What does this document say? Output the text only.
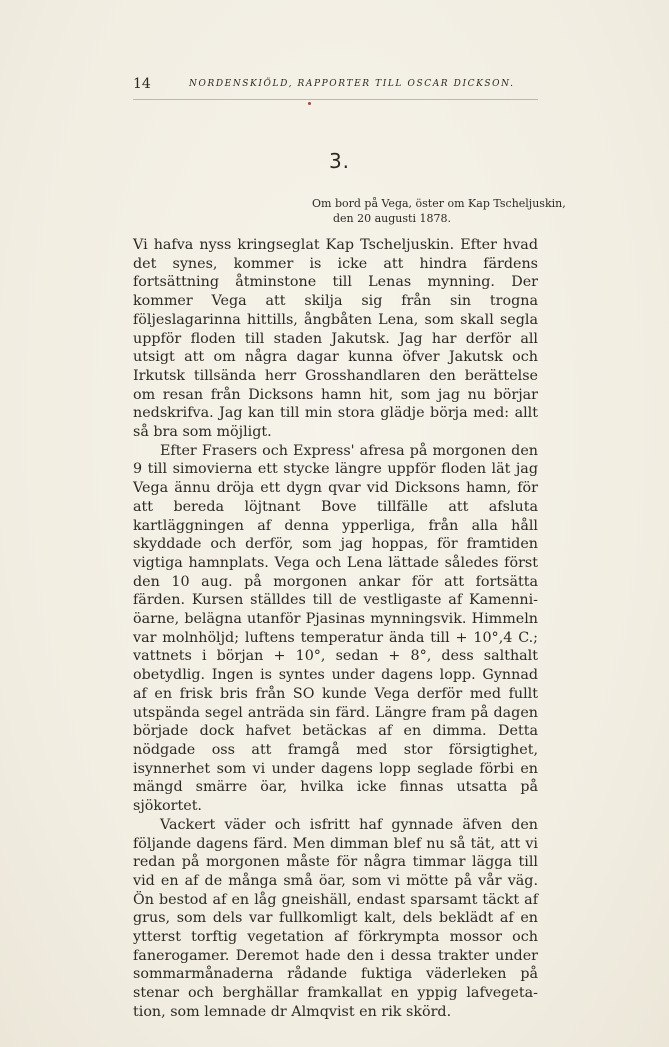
14	NORDENSKIÖLD, RAPPORTER TILL OSCAR DICKSON.
3.
Om bord på Vega, öster om Kap Tscheljuskin,
den 20 augusti 1878.

Vi hafva nyss kringseglat Kap Tscheljuskin. Efter hvad det synes, kommer is icke att hindra färdens fortsättning åtminstone till Lenas mynning. Der kommer Vega att skilja sig från sin trogna följeslagarinna hittills, ångbåten Lena, som skall segla uppför floden till staden Jakutsk. Jag har derför all utsigt att om några dagar kunna öfver Jakutsk och Irkutsk tillsända herr Grosshandlaren den berättelse om resan från Dicksons hamn hit, som jag nu börjar nedskrifva. Jag kan till min stora glädje börja med: allt så bra som möjligt.

Efter Frasers och Express' afresa på morgonen den 9 till simovierna ett stycke längre uppför floden lät jag Vega ännu dröja ett dygn qvar vid Dicksons hamn, för att bereda löjtnant Bove tillfälle att afsluta kartläggningen af denna ypperliga, från alla håll skyddade och derför, som jag hoppas, för framtiden vigtiga hamnplats. Vega och Lena lättade således först den 10 aug. på morgonen ankar för att fortsätta färden. Kursen ställdes till de vestligaste af Kamenni-öarne, belägna utanför Pjasinas mynningsvik. Himmeln var molnhöljd; luftens temperatur ända till + 10°,4 C.; vattnets i början + 10°, sedan + 8°, dess salthalt obetydlig. Ingen is syntes under dagens lopp. Gynnad af en frisk bris från SO kunde Vega derför med fullt utspända segel anträda sin färd. Längre fram på dagen började dock hafvet betäckas af en dimma. Detta nödgade oss att framgå med stor försigtighet, isynnerhet som vi under dagens lopp seglade förbi en mängd smärre öar, hvilka icke finnas utsatta på sjökortet.

Vackert väder och isfritt haf gynnade äfven den följande dagens färd. Men dimman blef nu så tät, att vi redan på morgonen måste för några timmar lägga till vid en af de många små öar, som vi mötte på vår väg. Ön bestod af en låg gneishäll, endast sparsamt täckt af grus, som dels var fullkomligt kalt, dels beklädt af en ytterst torftig vegetation af förkrympta mossor och fanerogamer. Deremot hade den i dessa trakter under sommarmånaderna rådande fuktiga väderleken på stenar och berghällar framkallat en yppig lafvegetation, som lemnade dr Almqvist en rik skörd.
